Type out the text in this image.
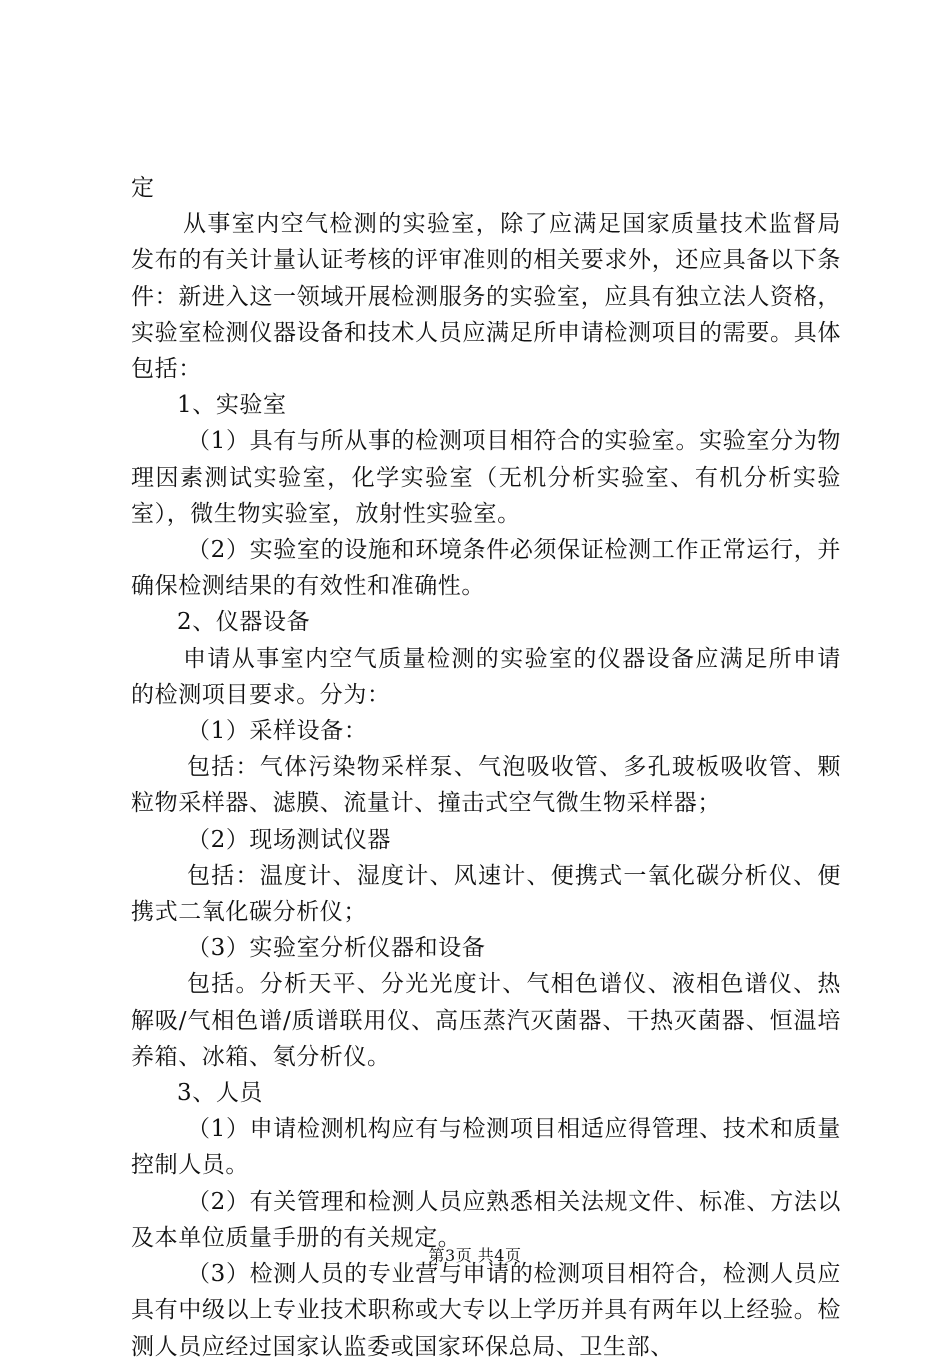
定

从事室内空气检测的实验室，除了应满足国家质量技术监督局发布的有关计量认证考核的评审准则的相关要求外，还应具备以下条件：新进入这一领域开展检测服务的实验室，应具有独立法人资格，实验室检测仪器设备和技术人员应满足所申请检测项目的需要。具体包括：

1、实验室

（1）具有与所从事的检测项目相符合的实验室。实验室分为物理因素测试实验室，化学实验室（无机分析实验室、有机分析实验室），微生物实验室，放射性实验室。

（2）实验室的设施和环境条件必须保证检测工作正常运行，并确保检测结果的有效性和准确性。

2、仪器设备

申请从事室内空气质量检测的实验室的仪器设备应满足所申请的检测项目要求。分为：

（1）采样设备：

包括：气体污染物采样泵、气泡吸收管、多孔玻板吸收管、颗粒物采样器、滤膜、流量计、撞击式空气微生物采样器；

（2）现场测试仪器

包括：温度计、湿度计、风速计、便携式一氧化碳分析仪、便携式二氧化碳分析仪；

（3）实验室分析仪器和设备

包括。分析天平、分光光度计、气相色谱仪、液相色谱仪、热解吸/气相色谱/质谱联用仪、高压蒸汽灭菌器、干热灭菌器、恒温培养箱、冰箱、氡分析仪。

3、人员

（1）申请检测机构应有与检测项目相适应得管理、技术和质量控制人员。

（2）有关管理和检测人员应熟悉相关法规文件、标准、方法以及本单位质量手册的有关规定。

（3）检测人员的专业营与申请的检测项目相符合，检测人员应具有中级以上专业技术职称或大专以上学历并具有两年以上经验。检测人员应经过国家认监委或国家环保总局、卫生部、

第3页 共4页
